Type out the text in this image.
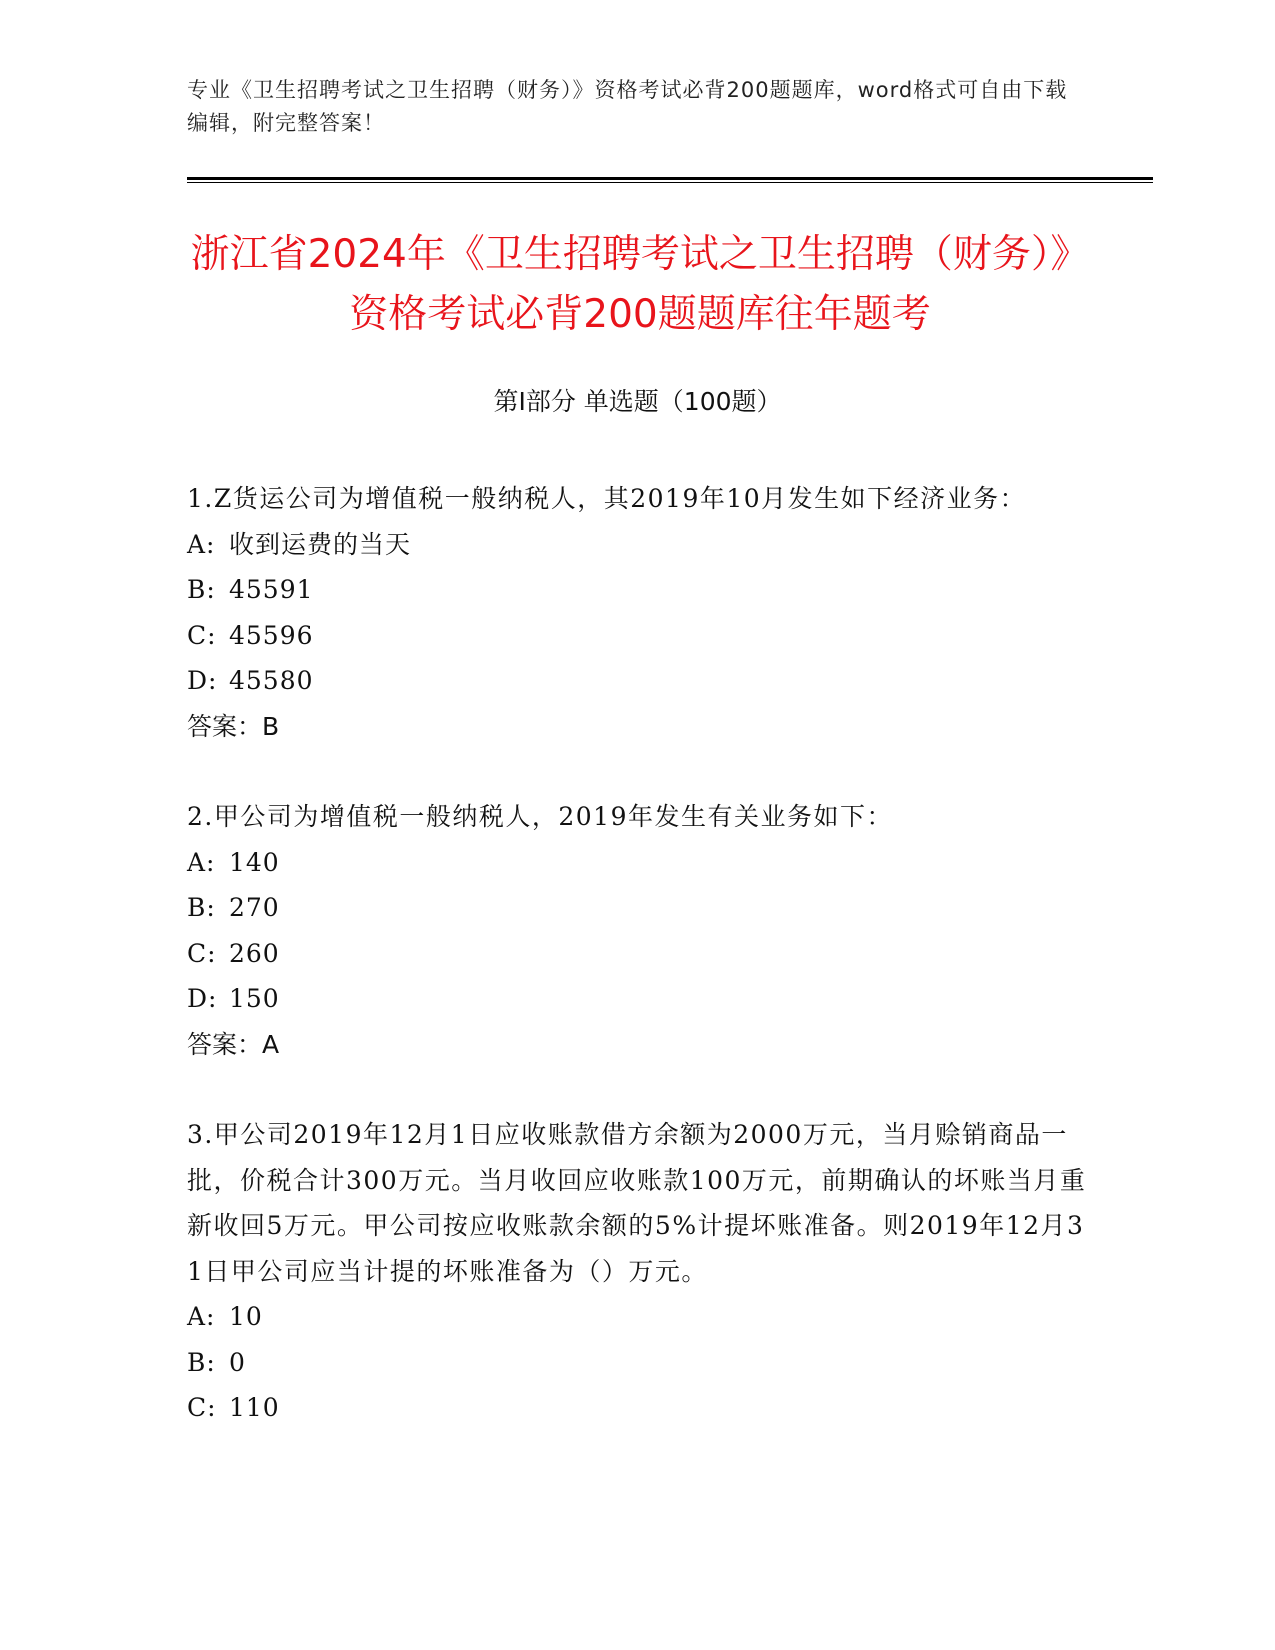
专业《卫生招聘考试之卫生招聘（财务）》资格考试必背200题题库，word格式可自由下载编辑，附完整答案！
浙江省2024年《卫生招聘考试之卫生招聘（财务）》资格考试必背200题题库往年题考
第Ⅰ部分 单选题（100题）
1.Z货运公司为增值税一般纳税人，其2019年10月发生如下经济业务：
A: 收到运费的当天
B: 45591
C: 45596
D: 45580
答案：B
2.甲公司为增值税一般纳税人，2019年发生有关业务如下：
A: 140
B: 270
C: 260
D: 150
答案：A
3.甲公司2019年12月1日应收账款借方余额为2000万元，当月赊销商品一批，价税合计300万元。当月收回应收账款100万元，前期确认的坏账当月重新收回5万元。甲公司按应收账款余额的5%计提坏账准备。则2019年12月31日甲公司应当计提的坏账准备为（）万元。
A: 10
B: 0
C: 110
